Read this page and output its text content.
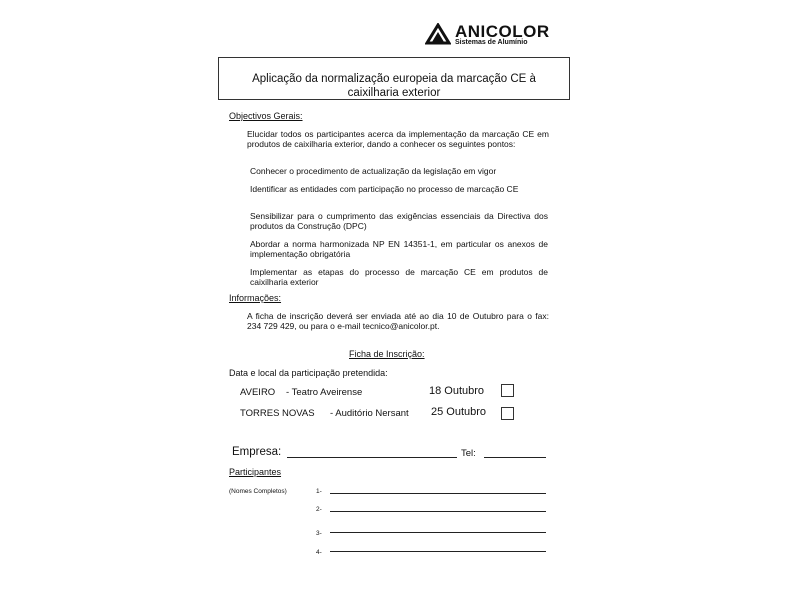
ANICOLOR
Sistemas de Alumínio
Aplicação da normalização europeia da marcação CE à
caixilharia exterior
Objectivos Gerais:
Elucidar todos os participantes acerca da implementação da marcação CE em produtos de caixilharia exterior, dando a conhecer os seguintes pontos:
Conhecer o procedimento de actualização da legislação em vigor
Identificar as entidades com participação no processo de marcação CE
Sensibilizar para o cumprimento das exigências essenciais da Directiva dos produtos da Construção (DPC)
Abordar a norma harmonizada NP EN 14351-1, em particular os anexos de implementação obrigatória
Implementar as etapas do processo de marcação CE em produtos de caixilharia exterior
Informações:
A ficha de inscrição deverá ser enviada até ao dia 10 de Outubro para o fax: 234 729 429, ou para o e-mail tecnico@anicolor.pt.
Ficha de Inscrição:
Data e local da participação pretendida:
AVEIRO - Teatro Aveirense	18 Outubro
TORRES NOVAS - Auditório Nersant 25 Outubro
Empresa:	Tel:
Participantes
(Nomes Completos)	1-
2-
3-
4-
